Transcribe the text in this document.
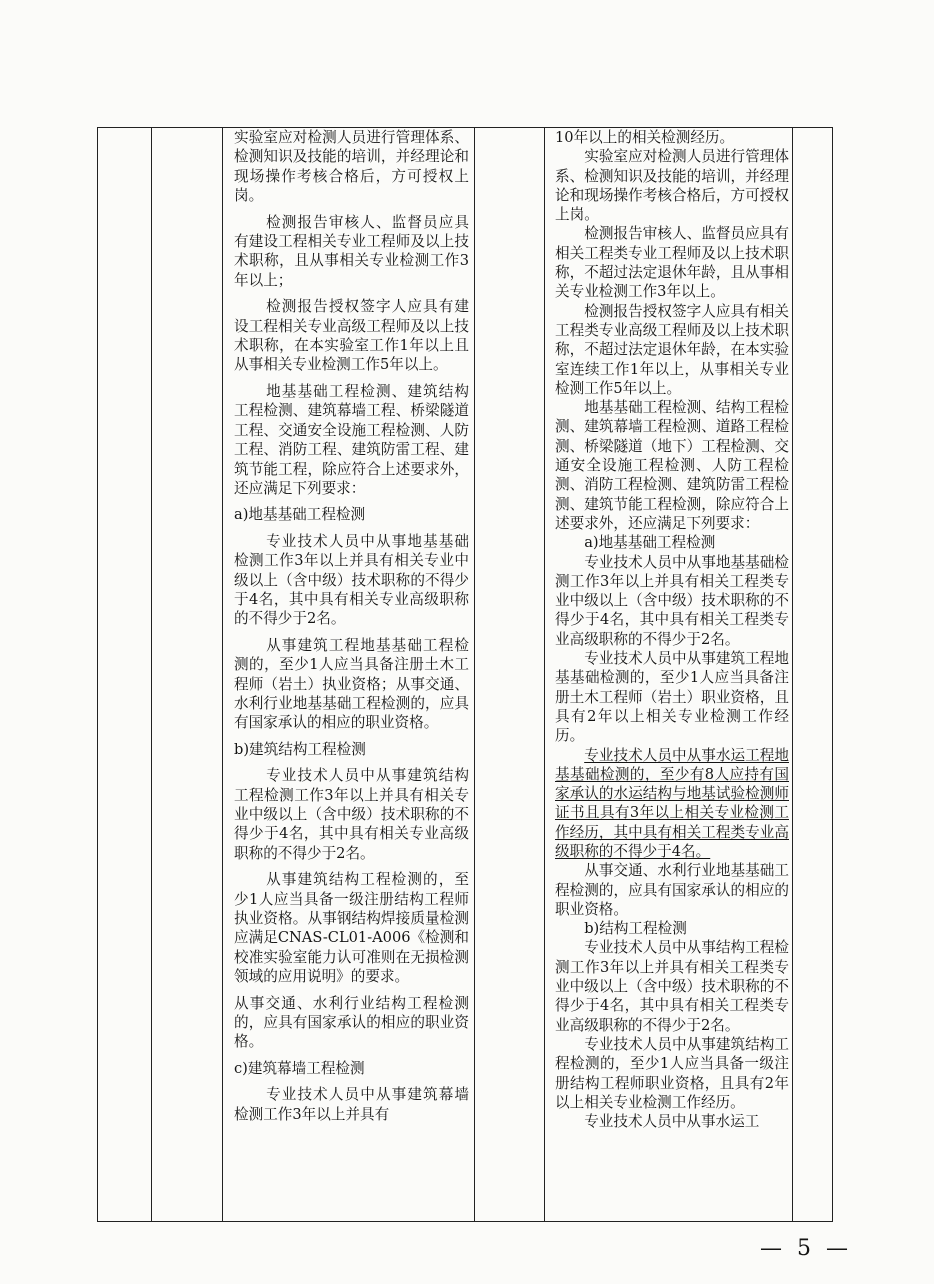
实验室应对检测人员进行管理体系、检测知识及技能的培训，并经理论和现场操作考核合格后，方可授权上岗。

检测报告审核人、监督员应具有建设工程相关专业工程师及以上技术职称，且从事相关专业检测工作3年以上；

检测报告授权签字人应具有建设工程相关专业高级工程师及以上技术职称，在本实验室工作1年以上且从事相关专业检测工作5年以上。

地基基础工程检测、建筑结构工程检测、建筑幕墙工程、桥梁隧道工程、交通安全设施工程检测、人防工程、消防工程、建筑防雷工程、建筑节能工程，除应符合上述要求外，还应满足下列要求：

a)地基基础工程检测

专业技术人员中从事地基基础检测工作3年以上并具有相关专业中级以上（含中级）技术职称的不得少于4名，其中具有相关专业高级职称的不得少于2名。

从事建筑工程地基基础工程检测的，至少1人应当具备注册土木工程师（岩土）执业资格；从事交通、水利行业地基基础工程检测的，应具有国家承认的相应的职业资格。

b)建筑结构工程检测

专业技术人员中从事建筑结构工程检测工作3年以上并具有相关专业中级以上（含中级）技术职称的不得少于4名，其中具有相关专业高级职称的不得少于2名。

从事建筑结构工程检测的，至少1人应当具备一级注册结构工程师执业资格。从事钢结构焊接质量检测应满足CNAS-CL01-A006《检测和校准实验室能力认可准则在无损检测领域的应用说明》的要求。

从事交通、水利行业结构工程检测的，应具有国家承认的相应的职业资格。

c)建筑幕墙工程检测

专业技术人员中从事建筑幕墙检测工作3年以上并具有

10年以上的相关检测经历。

实验室应对检测人员进行管理体系、检测知识及技能的培训，并经理论和现场操作考核合格后，方可授权上岗。

检测报告审核人、监督员应具有相关工程类专业工程师及以上技术职称，不超过法定退休年龄，且从事相关专业检测工作3年以上。

检测报告授权签字人应具有相关工程类专业高级工程师及以上技术职称，不超过法定退休年龄，在本实验室连续工作1年以上，从事相关专业检测工作5年以上。

地基基础工程检测、结构工程检测、建筑幕墙工程检测、道路工程检测、桥梁隧道（地下）工程检测、交通安全设施工程检测、人防工程检测、消防工程检测、建筑防雷工程检测、建筑节能工程检测，除应符合上述要求外，还应满足下列要求：

a)地基基础工程检测

专业技术人员中从事地基基础检测工作3年以上并具有相关工程类专业中级以上（含中级）技术职称的不得少于4名，其中具有相关工程类专业高级职称的不得少于2名。

专业技术人员中从事建筑工程地基基础检测的，至少1人应当具备注册土木工程师（岩土）职业资格，且具有2年以上相关专业检测工作经历。

专业技术人员中从事水运工程地基基础检测的，至少有8人应持有国家承认的水运结构与地基试验检测师证书且具有3年以上相关专业检测工作经历，其中具有相关工程类专业高级职称的不得少于4名。

从事交通、水利行业地基基础工程检测的，应具有国家承认的相应的职业资格。

b)结构工程检测

专业技术人员中从事结构工程检测工作3年以上并具有相关工程类专业中级以上（含中级）技术职称的不得少于4名，其中具有相关工程类专业高级职称的不得少于2名。

专业技术人员中从事建筑结构工程检测的，至少1人应当具备一级注册结构工程师职业资格，且具有2年以上相关专业检测工作经历。

专业技术人员中从事水运工

— 5 —
